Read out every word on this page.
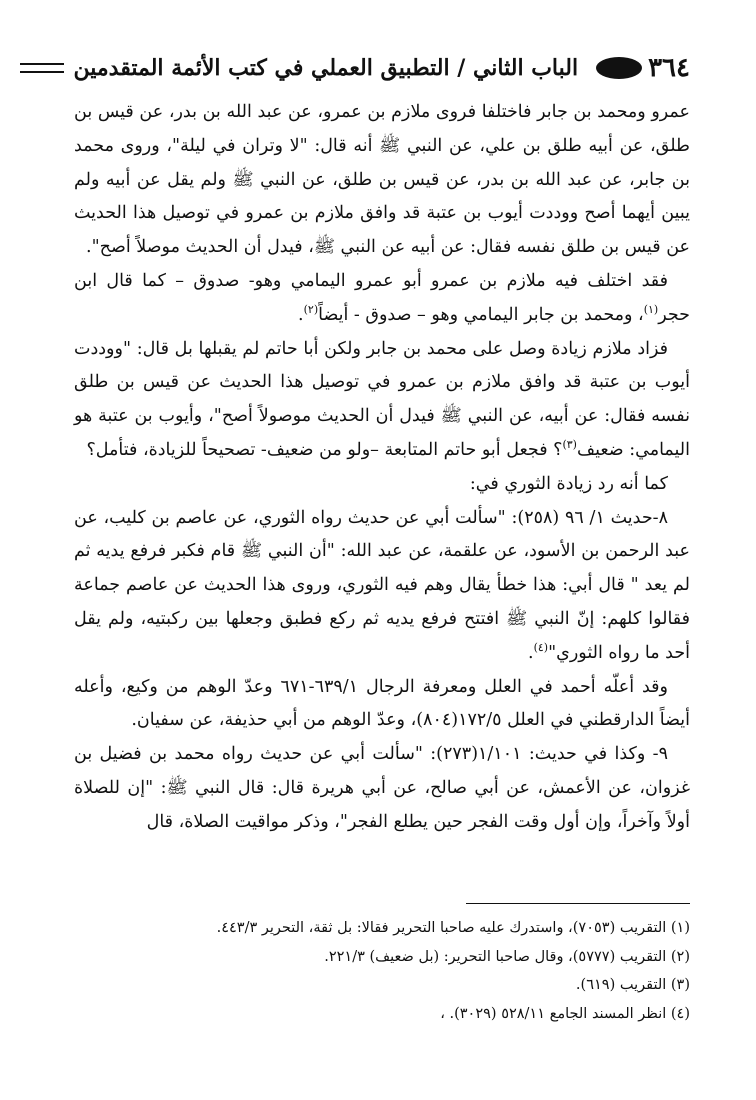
٣٦٤
الباب الثاني / التطبيق العملي في كتب الأئمة المتقدمين

عمرو ومحمد بن جابر فاختلفا فروى ملازم بن عمرو، عن عبد الله بن بدر، عن قيس بن طلق، عن أبيه طلق بن علي، عن النبي ﷺ أنه قال: "لا وتران في ليلة"، وروى محمد بن جابر، عن عبد الله بن بدر، عن قيس بن طلق، عن النبي ﷺ ولم يقل عن أبيه ولم يبين أيهما أصح ووددت أيوب بن عتبة قد وافق ملازم بن عمرو في توصيل هذا الحديث عن قيس بن طلق نفسه فقال: عن أبيه عن النبي ﷺ، فيدل أن الحديث موصلاً أصح".

فقد اختلف فيه ملازم بن عمرو أبو عمرو اليمامي وهو- صدوق – كما قال ابن حجر$^{(١)}$، ومحمد بن جابر اليمامي وهو – صدوق - أيضاً$^{(٢)}$.

فزاد ملازم زيادة وصل على محمد بن جابر ولكن أبا حاتم لم يقبلها بل قال: "ووددت أيوب بن عتبة قد وافق ملازم بن عمرو في توصيل هذا الحديث عن قيس بن طلق نفسه فقال: عن أبيه، عن النبي ﷺ فيدل أن الحديث موصولاً أصح"، وأيوب بن عتبة هو اليمامي: ضعيف$^{(٣)}$؟ فجعل أبو حاتم المتابعة –ولو من ضعيف- تصحيحاً للزيادة، فتأمل؟

كما أنه رد زيادة الثوري في:

٨-حديث ١/ ٩٦ (٢٥٨): "سألت أبي عن حديث رواه الثوري، عن عاصم بن كليب، عن عبد الرحمن بن الأسود، عن علقمة، عن عبد الله: "أن النبي ﷺ قام فكبر فرفع يديه ثم لم يعد " قال أبي: هذا خطأ يقال وهم فيه الثوري، وروى هذا الحديث عن عاصم جماعة فقالوا كلهم: إنّ النبي ﷺ افتتح فرفع يديه ثم ركع فطبق وجعلها بين ركبتيه، ولم يقل أحد ما رواه الثوري"$^{(٤)}$.

وقد أعلّه أحمد في العلل ومعرفة الرجال ٦٣٩/١-٦٧١ وعدّ الوهم من وكيع، وأعله أيضاً الدارقطني في العلل ١٧٢/٥(٨٠٤)، وعدّ الوهم من أبي حذيفة، عن سفيان.

٩- وكذا في حديث: ١/١٠١(٢٧٣): "سألت أبي عن حديث رواه محمد بن فضيل بن غزوان، عن الأعمش، عن أبي صالح، عن أبي هريرة قال: قال النبي ﷺ: "إن للصلاة أولاً وآخراً، وإن أول وقت الفجر حين يطلع الفجر"، وذكر مواقيت الصلاة، قال

(١) التقريب (٧٠٥٣)، واستدرك عليه صاحبا التحرير فقالا: بل ثقة، التحرير ٤٤٣/٣.

(٢) التقريب (٥٧٧٧)، وقال صاحبا التحرير: (بل ضعيف) ٢٢١/٣.

(٣) التقريب (٦١٩).

(٤) انظر المسند الجامع ٥٢٨/١١ (٣٠٢٩). ،
